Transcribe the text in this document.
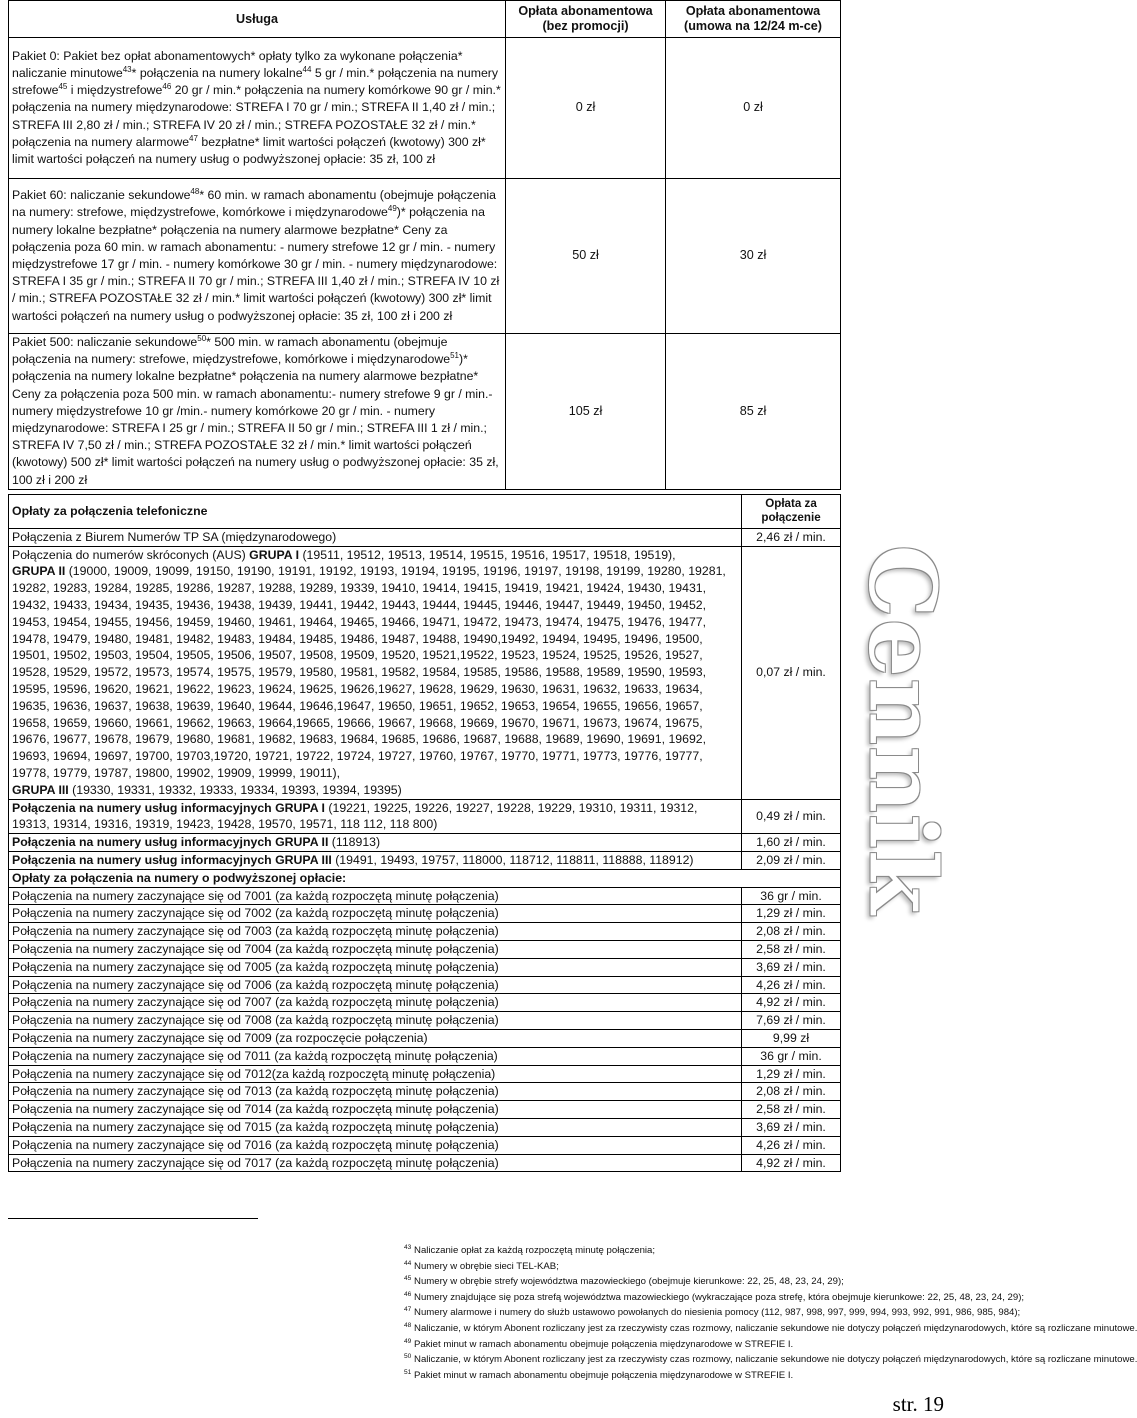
Usługa	Opłata abonamentowa (bez promocji)	Opłata abonamentowa (umowa na 12/24 m-ce)
Pakiet 0: Pakiet bez opłat abonamentowych* opłaty tylko za wykonane połączenia* naliczanie minutowe$^{43}$* połączenia na numery lokalne$^{44}$ 5 gr / min.* połączenia na numery strefowe$^{45}$ i międzystrefowe$^{46}$ 20 gr / min.* połączenia na numery komórkowe 90 gr / min.* połączenia na numery międzynarodowe: STREFA I 70 gr / min.; STREFA II 1,40 zł / min.; STREFA III 2,80 zł / min.; STREFA IV 20 zł / min.; STREFA POZOSTAŁE 32 zł / min.* połączenia na numery alarmowe$^{47}$ bezpłatne* limit wartości połączeń (kwotowy) 300 zł* limit wartości połączeń na numery usług o podwyższonej opłacie: 35 zł, 100 zł	0 zł	0 zł
Pakiet 60: naliczanie sekundowe$^{48}$* 60 min. w ramach abonamentu (obejmuje połączenia na numery: strefowe, międzystrefowe, komórkowe i międzynarodowe$^{49}$)* połączenia na numery lokalne bezpłatne* połączenia na numery alarmowe bezpłatne* Ceny za połączenia poza 60 min. w ramach abonamentu: - numery strefowe 12 gr / min. - numery międzystrefowe 17 gr / min. - numery komórkowe 30 gr / min. - numery międzynarodowe: STREFA I 35 gr / min.; STREFA II 70 gr / min.; STREFA III 1,40 zł / min.; STREFA IV 10 zł / min.; STREFA POZOSTAŁE 32 zł / min.* limit wartości połączeń (kwotowy) 300 zł* limit wartości połączeń na numery usług o podwyższonej opłacie: 35 zł, 100 zł i 200 zł	50 zł	30 zł
Pakiet 500: naliczanie sekundowe$^{50}$* 500 min. w ramach abonamentu (obejmuje połączenia na numery: strefowe, międzystrefowe, komórkowe i międzynarodowe$^{51}$)* połączenia na numery lokalne bezpłatne* połączenia na numery alarmowe bezpłatne* Ceny za połączenia poza 500 min. w ramach abonamentu:- numery strefowe 9 gr / min.-numery międzystrefowe 10 gr /min.- numery komórkowe 20 gr / min. - numery międzynarodowe: STREFA I 25 gr / min.; STREFA II 50 gr / min.; STREFA III 1 zł / min.; STREFA IV 7,50 zł / min.; STREFA POZOSTAŁE 32 zł / min.* limit wartości połączeń (kwotowy) 500 zł* limit wartości połączeń na numery usług o podwyższonej opłacie: 35 zł, 100 zł i 200 zł	105 zł	85 zł
Opłaty za połączenia telefoniczne	Opłata za połączenie
Połączenia z Biurem Numerów TP SA (międzynarodowego)	2,46 zł / min.
Połączenia do numerów skróconych (AUS) GRUPA I (19511, 19512, 19513, 19514, 19515, 19516, 19517, 19518, 19519),
GRUPA II (19000, 19009, 19099, 19150, 19190, 19191, 19192, 19193, 19194, 19195, 19196, 19197, 19198, 19199, 19280, 19281, 19282, 19283, 19284, 19285, 19286, 19287, 19288, 19289, 19339, 19410, 19414, 19415, 19419, 19421, 19424, 19430, 19431, 19432, 19433, 19434, 19435, 19436, 19438, 19439, 19441, 19442, 19443, 19444, 19445, 19446, 19447, 19449, 19450, 19452, 19453, 19454, 19455, 19456, 19459, 19460, 19461, 19464, 19465, 19466, 19471, 19472, 19473, 19474, 19475, 19476, 19477, 19478, 19479, 19480, 19481, 19482, 19483, 19484, 19485, 19486, 19487, 19488, 19490,19492, 19494, 19495, 19496, 19500, 19501, 19502, 19503, 19504, 19505, 19506, 19507, 19508, 19509, 19520, 19521,19522, 19523, 19524, 19525, 19526, 19527, 19528, 19529, 19572, 19573, 19574, 19575, 19579, 19580, 19581, 19582, 19584, 19585, 19586, 19588, 19589, 19590, 19593, 19595, 19596, 19620, 19621, 19622, 19623, 19624, 19625, 19626,19627, 19628, 19629, 19630, 19631, 19632, 19633, 19634, 19635, 19636, 19637, 19638, 19639, 19640, 19644, 19646,19647, 19650, 19651, 19652, 19653, 19654, 19655, 19656, 19657, 19658, 19659, 19660, 19661, 19662, 19663, 19664,19665, 19666, 19667, 19668, 19669, 19670, 19671, 19673, 19674, 19675, 19676, 19677, 19678, 19679, 19680, 19681, 19682, 19683, 19684, 19685, 19686, 19687, 19688, 19689, 19690, 19691, 19692, 19693, 19694, 19697, 19700, 19703,19720, 19721, 19722, 19724, 19727, 19760, 19767, 19770, 19771, 19773, 19776, 19777, 19778, 19779, 19787, 19800, 19902, 19909, 19999, 19011),
GRUPA III (19330, 19331, 19332, 19333, 19334, 19393, 19394, 19395)	0,07 zł / min.
Połączenia na numery usług informacyjnych GRUPA I (19221, 19225, 19226, 19227, 19228, 19229, 19310, 19311, 19312, 19313, 19314, 19316, 19319, 19423, 19428, 19570, 19571, 118 112, 118 800)	0,49 zł / min.
Połączenia na numery usług informacyjnych GRUPA II (118913)	1,60 zł / min.
Połączenia na numery usług informacyjnych GRUPA III (19491, 19493, 19757, 118000, 118712, 118811, 118888, 118912)	2,09 zł / min.
Opłaty za połączenia na numery o podwyższonej opłacie:	
Połączenia na numery zaczynające się od 7001 (za każdą rozpoczętą minutę połączenia)	36 gr / min.
Połączenia na numery zaczynające się od 7002 (za każdą rozpoczętą minutę połączenia)	1,29 zł / min.
Połączenia na numery zaczynające się od 7003 (za każdą rozpoczętą minutę połączenia)	2,08 zł / min.
Połączenia na numery zaczynające się od 7004 (za każdą rozpoczętą minutę połączenia)	2,58 zł / min.
Połączenia na numery zaczynające się od 7005 (za każdą rozpoczętą minutę połączenia)	3,69 zł / min.
Połączenia na numery zaczynające się od 7006 (za każdą rozpoczętą minutę połączenia)	4,26 zł / min.
Połączenia na numery zaczynające się od 7007 (za każdą rozpoczętą minutę połączenia)	4,92 zł / min.
Połączenia na numery zaczynające się od 7008 (za każdą rozpoczętą minutę połączenia)	7,69 zł / min.
Połączenia na numery zaczynające się od 7009 (za rozpoczęcie połączenia)	9,99 zł
Połączenia na numery zaczynające się od 7011 (za każdą rozpoczętą minutę połączenia)	36 gr / min.
Połączenia na numery zaczynające się od 7012(za każdą rozpoczętą minutę połączenia)	1,29 zł / min.
Połączenia na numery zaczynające się od 7013 (za każdą rozpoczętą minutę połączenia)	2,08 zł / min.
Połączenia na numery zaczynające się od 7014 (za każdą rozpoczętą minutę połączenia)	2,58 zł / min.
Połączenia na numery zaczynające się od 7015 (za każdą rozpoczętą minutę połączenia)	3,69 zł / min.
Połączenia na numery zaczynające się od 7016 (za każdą rozpoczętą minutę połączenia)	4,26 zł / min.
Połączenia na numery zaczynające się od 7017 (za każdą rozpoczętą minutę połączenia)	4,92 zł / min.
Cennik
$^{43}$ Naliczanie opłat za każdą rozpoczętą minutę połączenia;
$^{44}$ Numery w obrębie sieci TEL-KAB;
$^{45}$ Numery w obrębie strefy województwa mazowieckiego (obejmuje kierunkowe: 22, 25, 48, 23, 24, 29);
$^{46}$ Numery znajdujące się poza strefą województwa mazowieckiego (wykraczające poza strefę, która obejmuje kierunkowe: 22, 25, 48, 23, 24, 29);
$^{47}$ Numery alarmowe i numery do służb ustawowo powołanych do niesienia pomocy (112, 987, 998, 997, 999, 994, 993, 992, 991, 986, 985, 984);
$^{48}$ Naliczanie, w którym Abonent rozliczany jest za rzeczywisty czas rozmowy, naliczanie sekundowe nie dotyczy połączeń międzynarodowych, które są rozliczane minutowe.
$^{49}$ Pakiet minut w ramach abonamentu obejmuje połączenia międzynarodowe w STREFIE I.
$^{50}$ Naliczanie, w którym Abonent rozliczany jest za rzeczywisty czas rozmowy, naliczanie sekundowe nie dotyczy połączeń międzynarodowych, które są rozliczane minutowe.
$^{51}$ Pakiet minut w ramach abonamentu obejmuje połączenia międzynarodowe w STREFIE I.
str. 19
